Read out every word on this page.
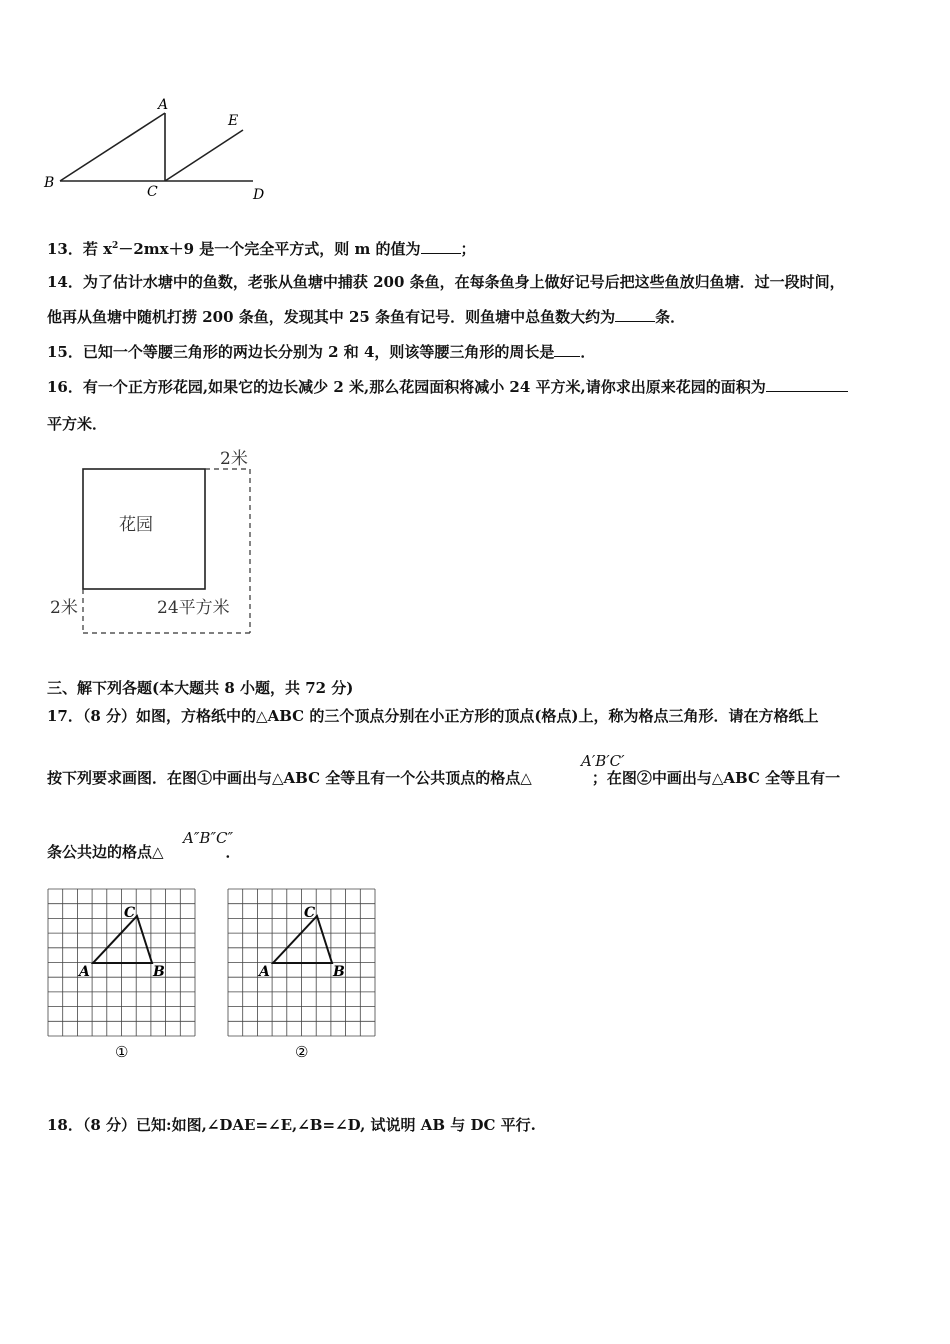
A
E
B
C	D
13．若 $x^2-2mx+9$ 是一个完全平方式，则 m 的值为	；
14．为了估计水塘中的鱼数，老张从鱼塘中捕获 200 条鱼，在每条鱼身上做好记号后把这些鱼放归鱼塘．过一段时间，
他再从鱼塘中随机打捞 200 条鱼，发现其中 25 条鱼有记号．则鱼塘中总鱼数大约为	条．
15．已知一个等腰三角形的两边长分别为 2 和 4，则该等腰三角形的周长是 ．
16．有一个正方形花园,如果它的边长减少 2 米,那么花园面积将减小 24 平方米,请你求出原来花园的面积为
平方米．
花园
2米
2米	24平方米
三、解下列各题(本大题共 8 小题，共 72 分)
17．（8 分）如图，方格纸中的△ABC 的三个顶点分别在小正方形的顶点(格点)上，称为格点三角形．请在方格纸上
按下列要求画图．在图①中画出与△ABC 全等且有一个公共顶点的格点△	；在图②中画出与△ABC 全等且有一
A′B′C′
条公共边的格点△	．
A″B″C″
C
A	B
①
C
A	B
②
18．（8 分）已知:如图,∠DAE=∠E,∠B=∠D, 试说明 AB 与 DC 平行.
